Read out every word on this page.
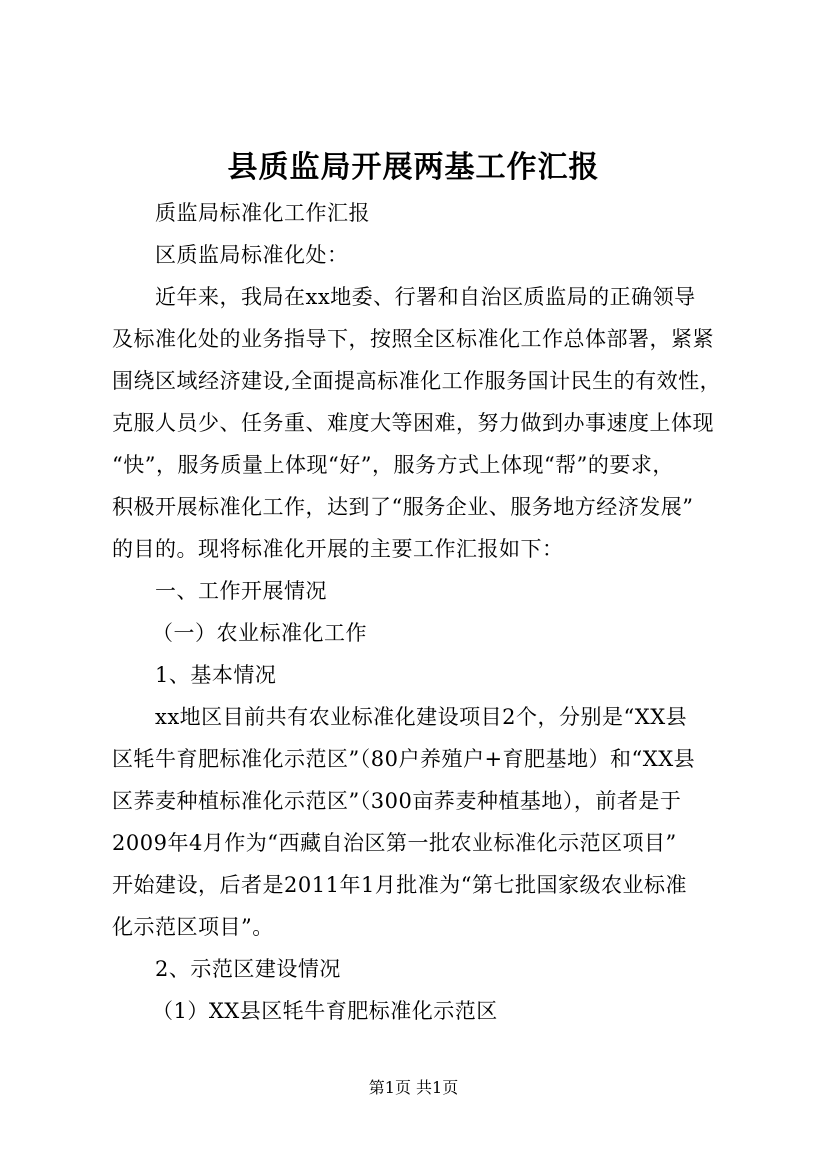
县质监局开展两基工作汇报

质监局标准化工作汇报

区质监局标准化处：

近年来，我局在xx地委、行署和自治区质监局的正确领导

及标准化处的业务指导下，按照全区标准化工作总体部署，紧紧

围绕区域经济建设,全面提高标准化工作服务国计民生的有效性，

克服人员少、任务重、难度大等困难，努力做到办事速度上体现

“快”，服务质量上体现“好”，服务方式上体现“帮”的要求，

积极开展标准化工作，达到了“服务企业、服务地方经济发展”

的目的。现将标准化开展的主要工作汇报如下：

一、工作开展情况

（一）农业标准化工作

1、基本情况

xx地区目前共有农业标准化建设项目2个，分别是“XX县

区牦牛育肥标准化示范区”（80户养殖户+育肥基地）和“XX县

区荞麦种植标准化示范区”（300亩荞麦种植基地），前者是于

2009年4月作为“西藏自治区第一批农业标准化示范区项目”

开始建设，后者是2011年1月批准为“第七批国家级农业标准

化示范区项目”。

2、示范区建设情况

（1）XX县区牦牛育肥标准化示范区

第1页 共1页
